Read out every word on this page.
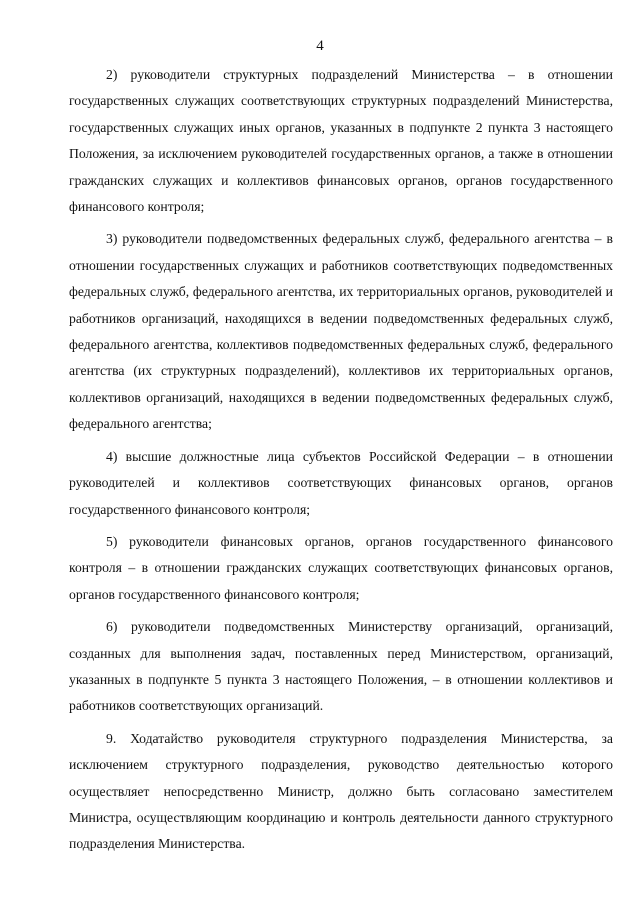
4

2) руководители структурных подразделений Министерства – в отношении государственных служащих соответствующих структурных подразделений Министерства, государственных служащих иных органов, указанных в подпункте 2 пункта 3 настоящего Положения, за исключением руководителей государственных органов, а также в отношении гражданских служащих и коллективов финансовых органов, органов государственного финансового контроля;

3) руководители подведомственных федеральных служб, федерального агентства – в отношении государственных служащих и работников соответствующих подведомственных федеральных служб, федерального агентства, их территориальных органов, руководителей и работников организаций, находящихся в ведении подведомственных федеральных служб, федерального агентства, коллективов подведомственных федеральных служб, федерального агентства (их структурных подразделений), коллективов их территориальных органов, коллективов организаций, находящихся в ведении подведомственных федеральных служб, федерального агентства;

4) высшие должностные лица субъектов Российской Федерации – в отношении руководителей и коллективов соответствующих финансовых органов, органов государственного финансового контроля;

5) руководители финансовых органов, органов государственного финансового контроля – в отношении гражданских служащих соответствующих финансовых органов, органов государственного финансового контроля;

6) руководители подведомственных Министерству организаций, организаций, созданных для выполнения задач, поставленных перед Министерством, организаций, указанных в подпункте 5 пункта 3 настоящего Положения, – в отношении коллективов и работников соответствующих организаций.

9. Ходатайство руководителя структурного подразделения Министерства, за исключением структурного подразделения, руководство деятельностью которого осуществляет непосредственно Министр, должно быть согласовано заместителем Министра, осуществляющим координацию и контроль деятельности данного структурного подразделения Министерства.
